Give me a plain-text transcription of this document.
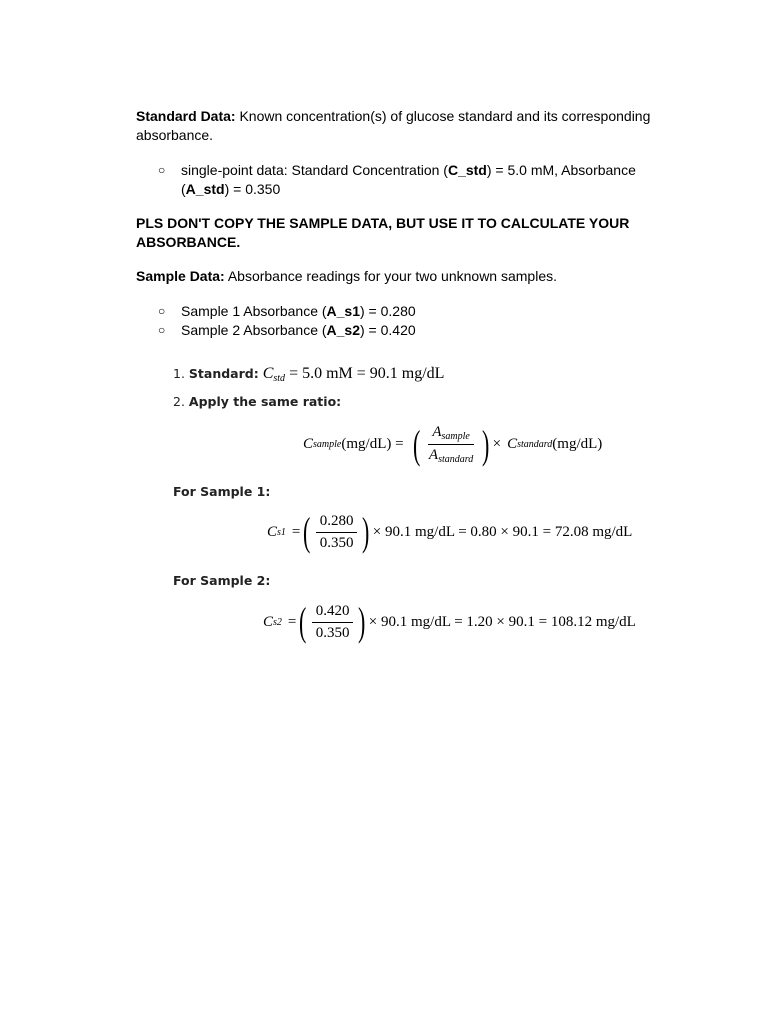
Standard Data: Known concentration(s) of glucose standard and its corresponding absorbance.

○ single-point data: Standard Concentration (C_std) = 5.0 mM, Absorbance (A_std) = 0.350

PLS DON'T COPY THE SAMPLE DATA, BUT USE IT TO CALCULATE YOUR ABSORBANCE.

Sample Data: Absorbance readings for your two unknown samples.

○ Sample 1 Absorbance (A_s1) = 0.280
○ Sample 2 Absorbance (A_s2) = 0.420
1. Standard: $C_{std} = 5.0$ mM = 90.1 mg/dL
2. Apply the same ratio:
C sample (mg/dL) = ( $\frac{A_{sample}}{A_{standard}}$ ) × C standard (mg/dL)
For Sample 1:
C s1 = ( $\frac{0.280}{0.350}$ ) × 90.1 mg/dL = 0.80 × 90.1 = 72.08 mg/dL
For Sample 2:
C s2 = ( $\frac{0.420}{0.350}$ ) × 90.1 mg/dL = 1.20 × 90.1 = 108.12 mg/dL
